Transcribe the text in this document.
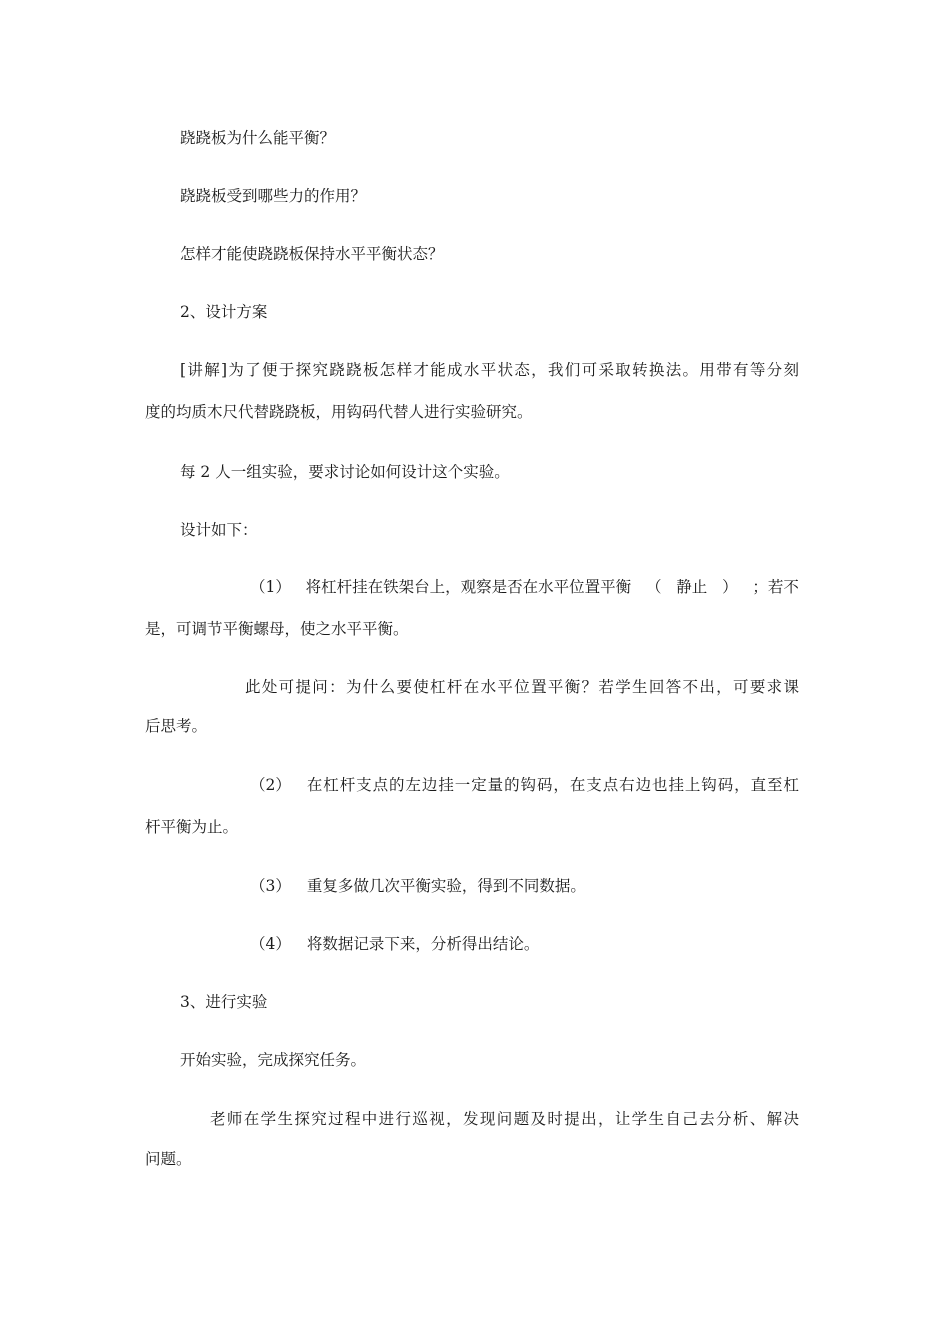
跷跷板为什么能平衡？
跷跷板受到哪些力的作用？
怎样才能使跷跷板保持水平平衡状态？
2、设计方案
[讲解]为了便于探究跷跷板怎样才能成水平状态，我们可采取转换法。用带有等分刻
度的均质木尺代替跷跷板，用钩码代替人进行实验研究。
每 2 人一组实验，要求讨论如何设计这个实验。
设计如下：
（1） 将杠杆挂在铁架台上，观察是否在水平位置平衡 （ 静止 ） ；若不
是，可调节平衡螺母，使之水平平衡。
此处可提问：为什么要使杠杆在水平位置平衡？若学生回答不出，可要求课
后思考。
（2） 在杠杆支点的左边挂一定量的钩码，在支点右边也挂上钩码，直至杠
杆平衡为止。
（3） 重复多做几次平衡实验，得到不同数据。
（4） 将数据记录下来，分析得出结论。
3、进行实验
开始实验，完成探究任务。
老师在学生探究过程中进行巡视，发现问题及时提出，让学生自己去分析、解决
问题。
